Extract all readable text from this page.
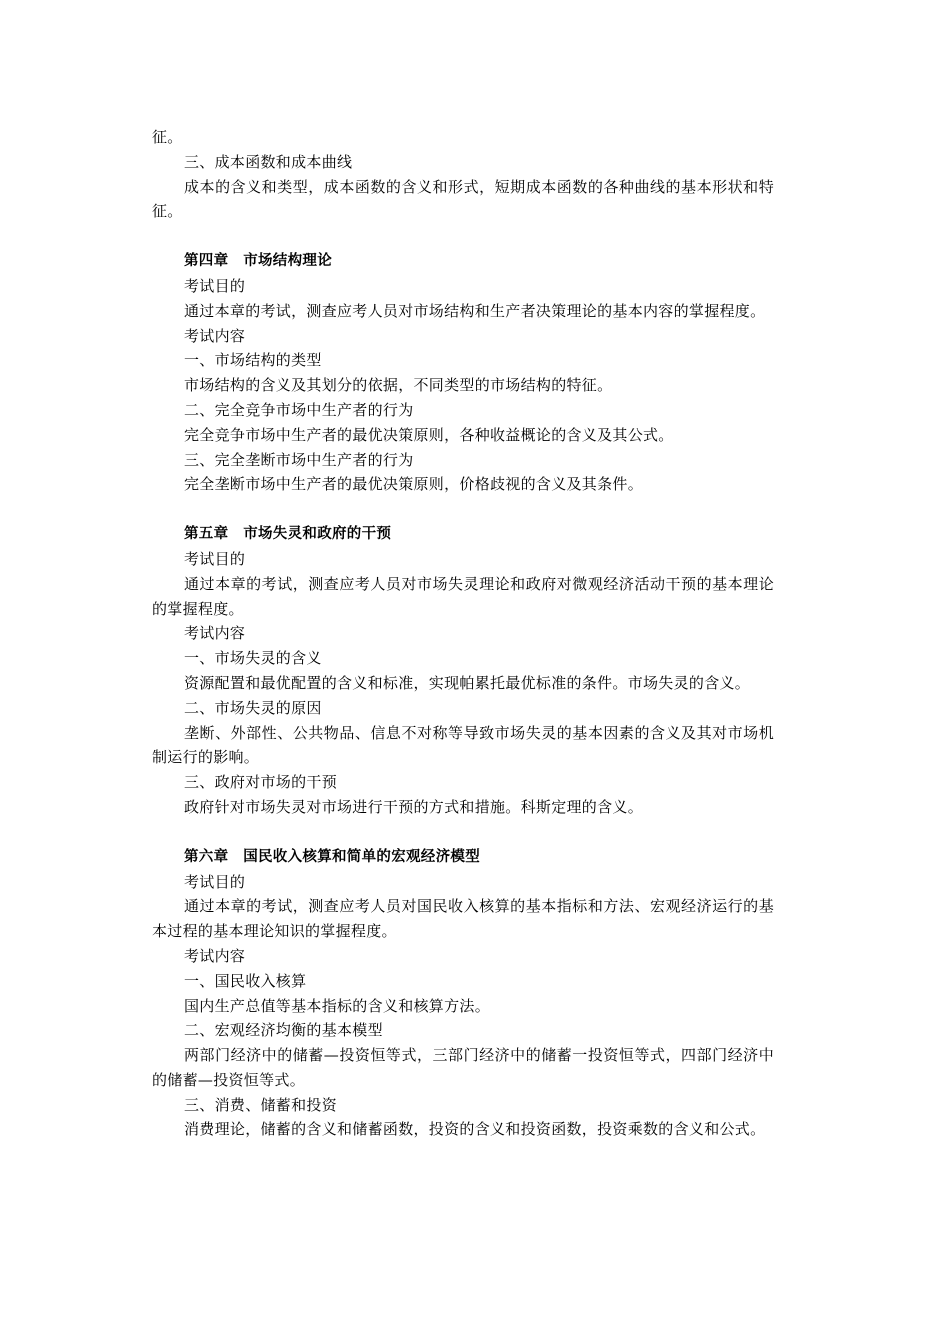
征。

三、成本函数和成本曲线

成本的含义和类型，成本函数的含义和形式，短期成本函数的各种曲线的基本形状和特征。

第四章　市场结构理论

考试目的

通过本章的考试，测查应考人员对市场结构和生产者决策理论的基本内容的掌握程度。

考试内容

一、市场结构的类型

市场结构的含义及其划分的依据，不同类型的市场结构的特征。

二、完全竞争市场中生产者的行为

完全竞争市场中生产者的最优决策原则，各种收益概论的含义及其公式。

三、完全垄断市场中生产者的行为

完全垄断市场中生产者的最优决策原则，价格歧视的含义及其条件。

第五章　市场失灵和政府的干预

考试目的

通过本章的考试，测查应考人员对市场失灵理论和政府对微观经济活动干预的基本理论的掌握程度。

考试内容

一、市场失灵的含义

资源配置和最优配置的含义和标准，实现帕累托最优标准的条件。市场失灵的含义。

二、市场失灵的原因

垄断、外部性、公共物品、信息不对称等导致市场失灵的基本因素的含义及其对市场机制运行的影响。

三、政府对市场的干预

政府针对市场失灵对市场进行干预的方式和措施。科斯定理的含义。

第六章　国民收入核算和简单的宏观经济模型

考试目的

通过本章的考试，测查应考人员对国民收入核算的基本指标和方法、宏观经济运行的基本过程的基本理论知识的掌握程度。

考试内容

一、国民收入核算

国内生产总值等基本指标的含义和核算方法。

二、宏观经济均衡的基本模型

两部门经济中的储蓄—投资恒等式，三部门经济中的储蓄一投资恒等式，四部门经济中的储蓄—投资恒等式。

三、消费、储蓄和投资

消费理论，储蓄的含义和储蓄函数，投资的含义和投资函数，投资乘数的含义和公式。
